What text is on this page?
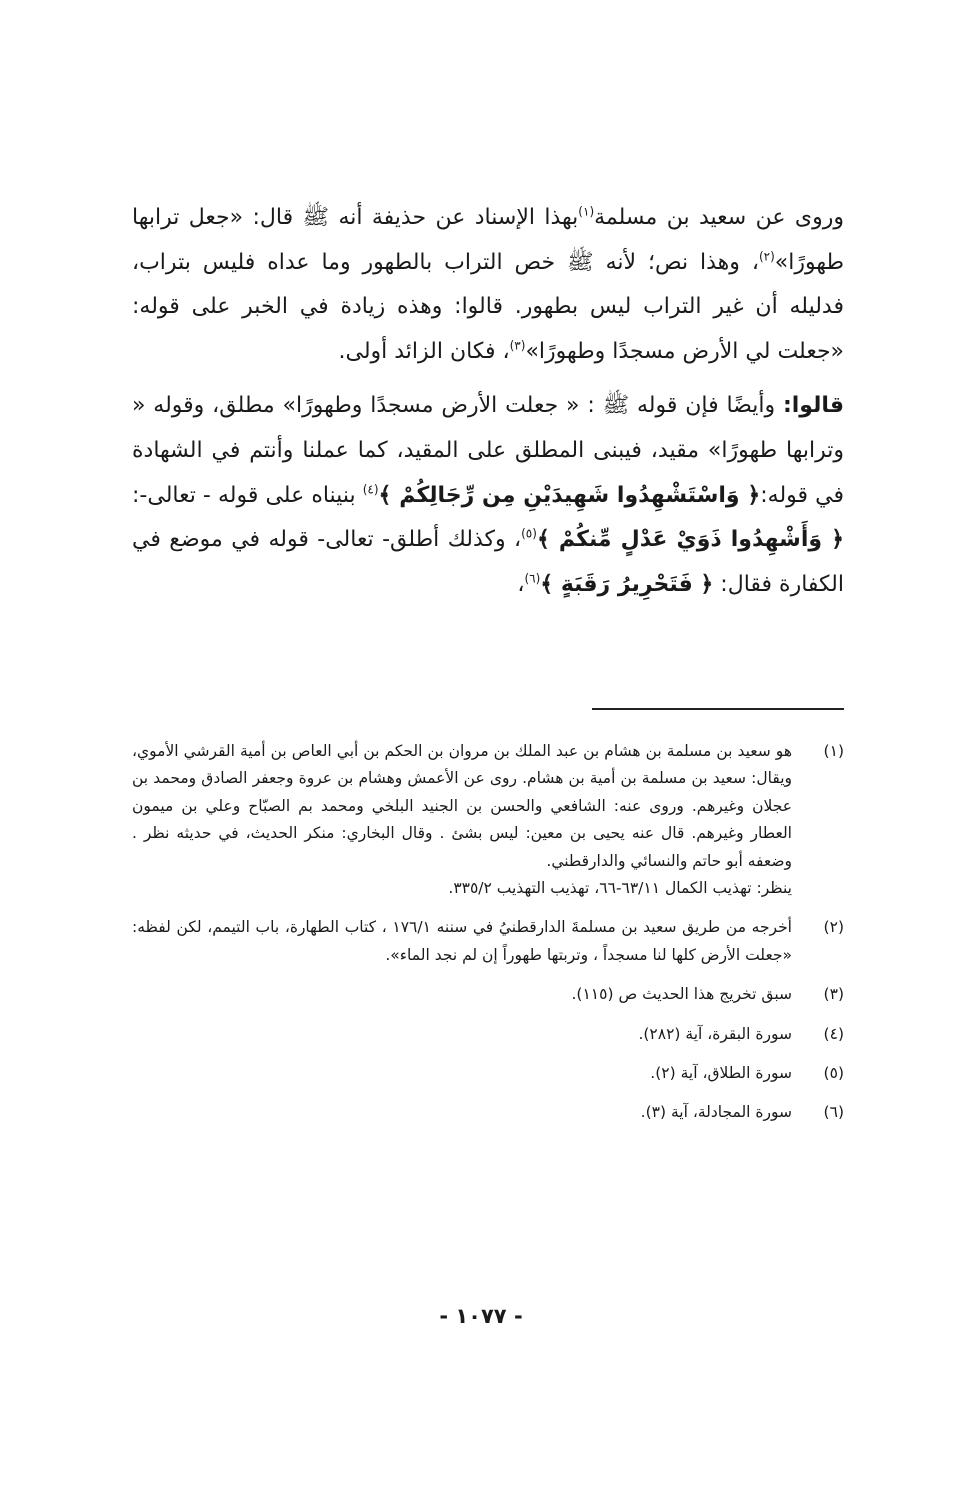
وروى عن سعيد بن مسلمة$^{(١)}$بهذا الإسناد عن حذيفة أنه ﷺ قال: «جعل ترابها طهورًا»$^{(٢)}$، وهذا نص؛ لأنه ﷺ خص التراب بالطهور وما عداه فليس بتراب، فدليله أن غير التراب ليس بطهور. قالوا: وهذه زيادة في الخبر على قوله: «جعلت لي الأرض مسجدًا وطهورًا»$^{(٣)}$، فكان الزائد أولى.

قالوا: وأيضًا فإن قوله ﷺ : « جعلت الأرض مسجدًا وطهورًا» مطلق، وقوله « وترابها طهورًا» مقيد، فيبنى المطلق على المقيد، كما عملنا وأنتم في الشهادة في قوله:﴿ وَاسْتَشْهِدُوا شَهِيدَيْنِ مِن رِّجَالِكُمْ ﴾$^{(٤)}$ بنيناه على قوله - تعالى-: ﴿ وَأَشْهِدُوا ذَوَيْ عَدْلٍ مِّنكُمْ ﴾$^{(٥)}$، وكذلك أطلق- تعالى- قوله في موضع في الكفارة فقال: ﴿ فَتَحْرِيرُ رَقَبَةٍ ﴾$^{(٦)}$،

(١)

هو سعيد بن مسلمة بن هشام بن عبد الملك بن مروان بن الحكم بن أبي العاص بن أمية القرشي الأموي، ويقال: سعيد بن مسلمة بن أمية بن هشام. روى عن الأعمش وهشام بن عروة وجعفر الصادق ومحمد بن عجلان وغيرهم. وروى عنه: الشافعي والحسن بن الجنيد البلخي ومحمد بم الصبّاح وعلي بن ميمون العطار وغيرهم. قال عنه يحيى بن معين: ليس بشئ . وقال البخاري: منكر الحديث، في حديثه نظر . وضعفه أبو حاتم والنسائي والدارقطني.

ينظر: تهذيب الكمال ٦٣/١١-٦٦، تهذيب التهذيب ٣٣٥/٢.

(٢)

أخرجه من طريق سعيد بن مسلمةَ الدارقطنيُ في سننه ١٧٦/١ ، كتاب الطهارة، باب التيمم، لكن لفظه: «جعلت الأرض كلها لنا مسجداً ، وتربتها طهوراً إن لم نجد الماء».

(٣)

سبق تخريج هذا الحديث ص (١١٥).

(٤)

سورة البقرة، آية (٢٨٢).

(٥)

سورة الطلاق، آية (٢).

(٦)

سورة المجادلة، آية (٣).

- ١٠٧٧ -
